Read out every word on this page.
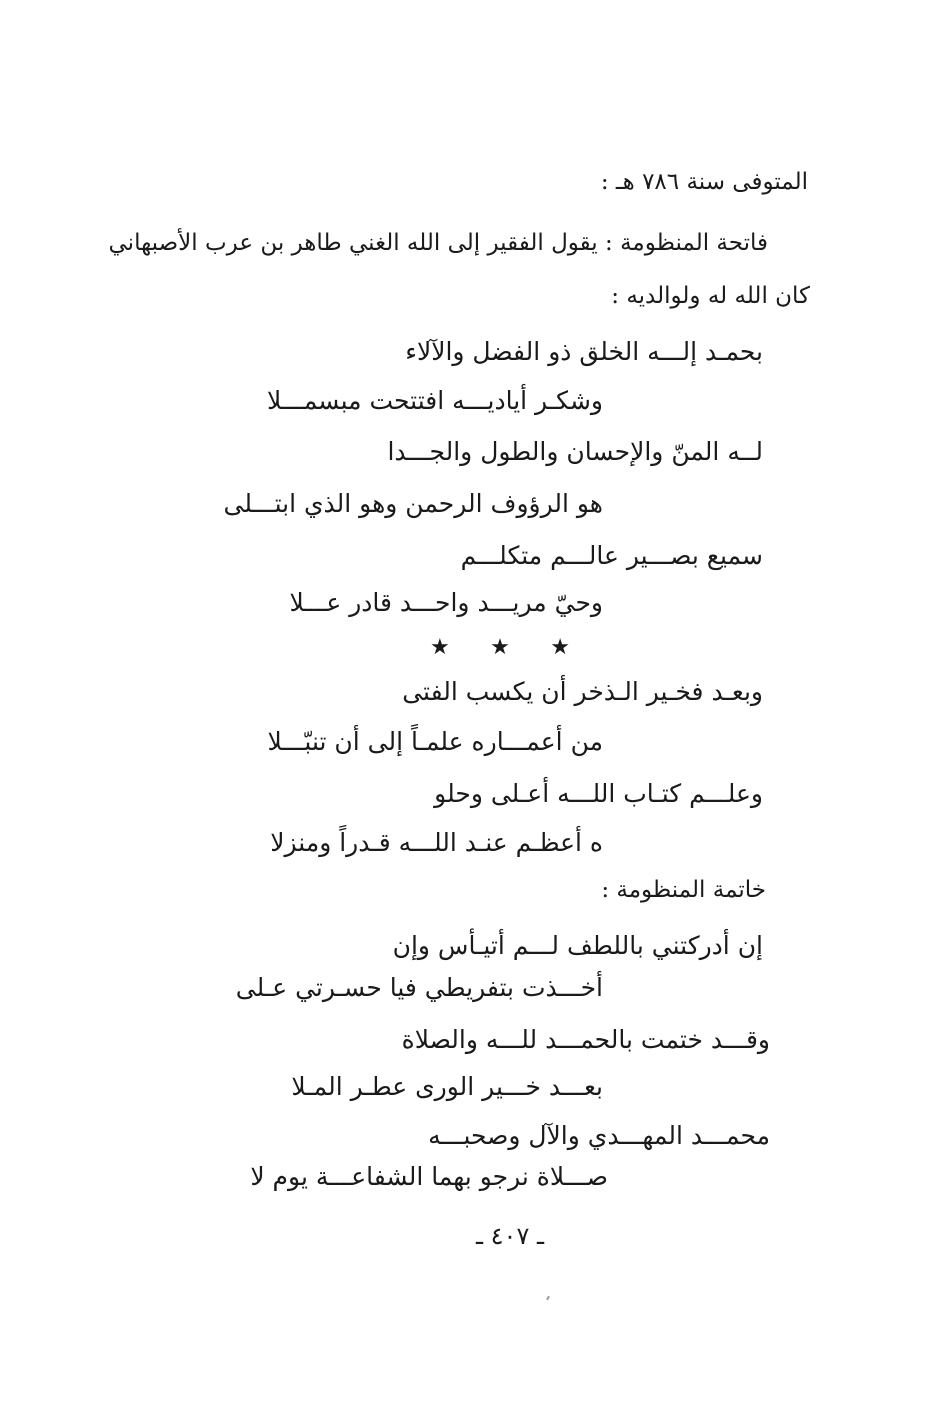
المتوفى سنة ٧٨٦ هـ :
فاتحة المنظومة : يقول الفقير إلى الله الغني طاهر بن عرب الأصبهاني
كان الله له ولوالديه :
بحمـد إلـــه الخلق ذو الفضل والآلاء
وشكـر أياديـــه افتتحت مبسمـــلا
لــه المنّ والإحسان والطول والجـــدا
هو الرؤوف الرحمن وهو الذي ابتـــلى
سميع بصـــير عالـــم متكلـــم
وحيّ مريـــد واحـــد قادر عـــلا
★ ★ ★
وبعـد فخـير الـذخر أن يكسب الفتى
من أعمـــاره علمـاً إلى أن تنبّـــلا
وعلـــم كتـاب اللـــه أعـلى وحلو
ه أعظـم عنـد اللـــه قـدراً ومنزلا
خاتمة المنظومة :
إن أدركتني باللطف لـــم أتيـأس وإن
أخـــذت بتفريطي فيا حسـرتي عـلى
وقـــد ختمت بالحمـــد للـــه والصلاة
بعـــد خـــير الورى عطـر المـلا
محمـــد المهـــدي والآل وصحبـــه
صـــلاة نرجو بهما الشفاعـــة يوم لا
ـ ٤٠٧ ـ
